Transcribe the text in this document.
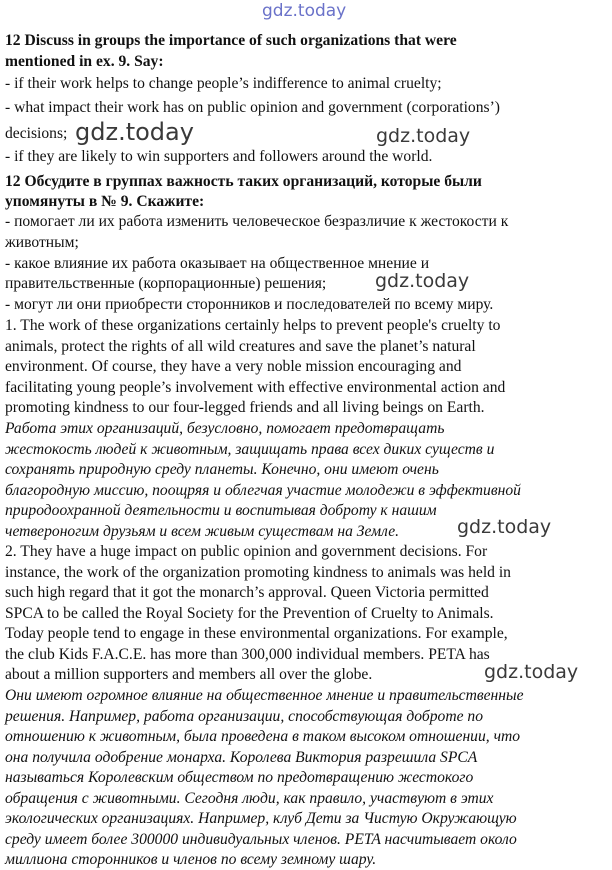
gdz.today
gdz.today	gdz.today
gdz.today
gdz.today
gdz.today
12 Discuss in groups the importance of such organizations that were
mentioned in ex. 9. Say:
- if their work helps to change people’s indifference to animal cruelty;
- what impact their work has on public opinion and government (corporations’)
decisions;
- if they are likely to win supporters and followers around the world.
12 Обсудите в группах важность таких организаций, которые были
упомянуты в № 9. Скажите:
- помогает ли их работа изменить человеческое безразличие к жестокости к
животным;
- какое влияние их работа оказывает на общественное мнение и
правительственные (корпорационные) решения;
- могут ли они приобрести сторонников и последователей по всему миру.
1. The work of these organizations certainly helps to prevent people's cruelty to
animals, protect the rights of all wild creatures and save the planet’s natural
environment. Of course, they have a very noble mission encouraging and
facilitating young people’s involvement with effective environmental action and
promoting kindness to our four-legged friends and all living beings on Earth.
Работа этих организаций, безусловно, помогает предотвращать
жестокость людей к животным, защищать права всех диких существ и
сохранять природную среду планеты. Конечно, они имеют очень
благородную миссию, поощряя и облегчая участие молодежи в эффективной
природоохранной деятельности и воспитывая доброту к нашим
четвероногим друзьям и всем живым существам на Земле.
2. They have a huge impact on public opinion and government decisions. For
instance, the work of the organization promoting kindness to animals was held in
such high regard that it got the monarch’s approval. Queen Victoria permitted
SPCA to be called the Royal Society for the Prevention of Cruelty to Animals.
Today people tend to engage in these environmental organizations. For example,
the club Kids F.A.C.E. has more than 300,000 individual members. PETA has
about a million supporters and members all over the globe.
Они имеют огромное влияние на общественное мнение и правительственные
решения. Например, работа организации, способствующая доброте по
отношению к животным, была проведена в таком высоком отношении, что
она получила одобрение монарха. Королева Виктория разрешила SPCA
называться Королевским обществом по предотвращению жестокого
обращения с животными. Сегодня люди, как правило, участвуют в этих
экологических организациях. Например, клуб Дети за Чистую Окружающую
среду имеет более 300000 индивидуальных членов. PETA насчитывает около
миллиона сторонников и членов по всему земному шару.
